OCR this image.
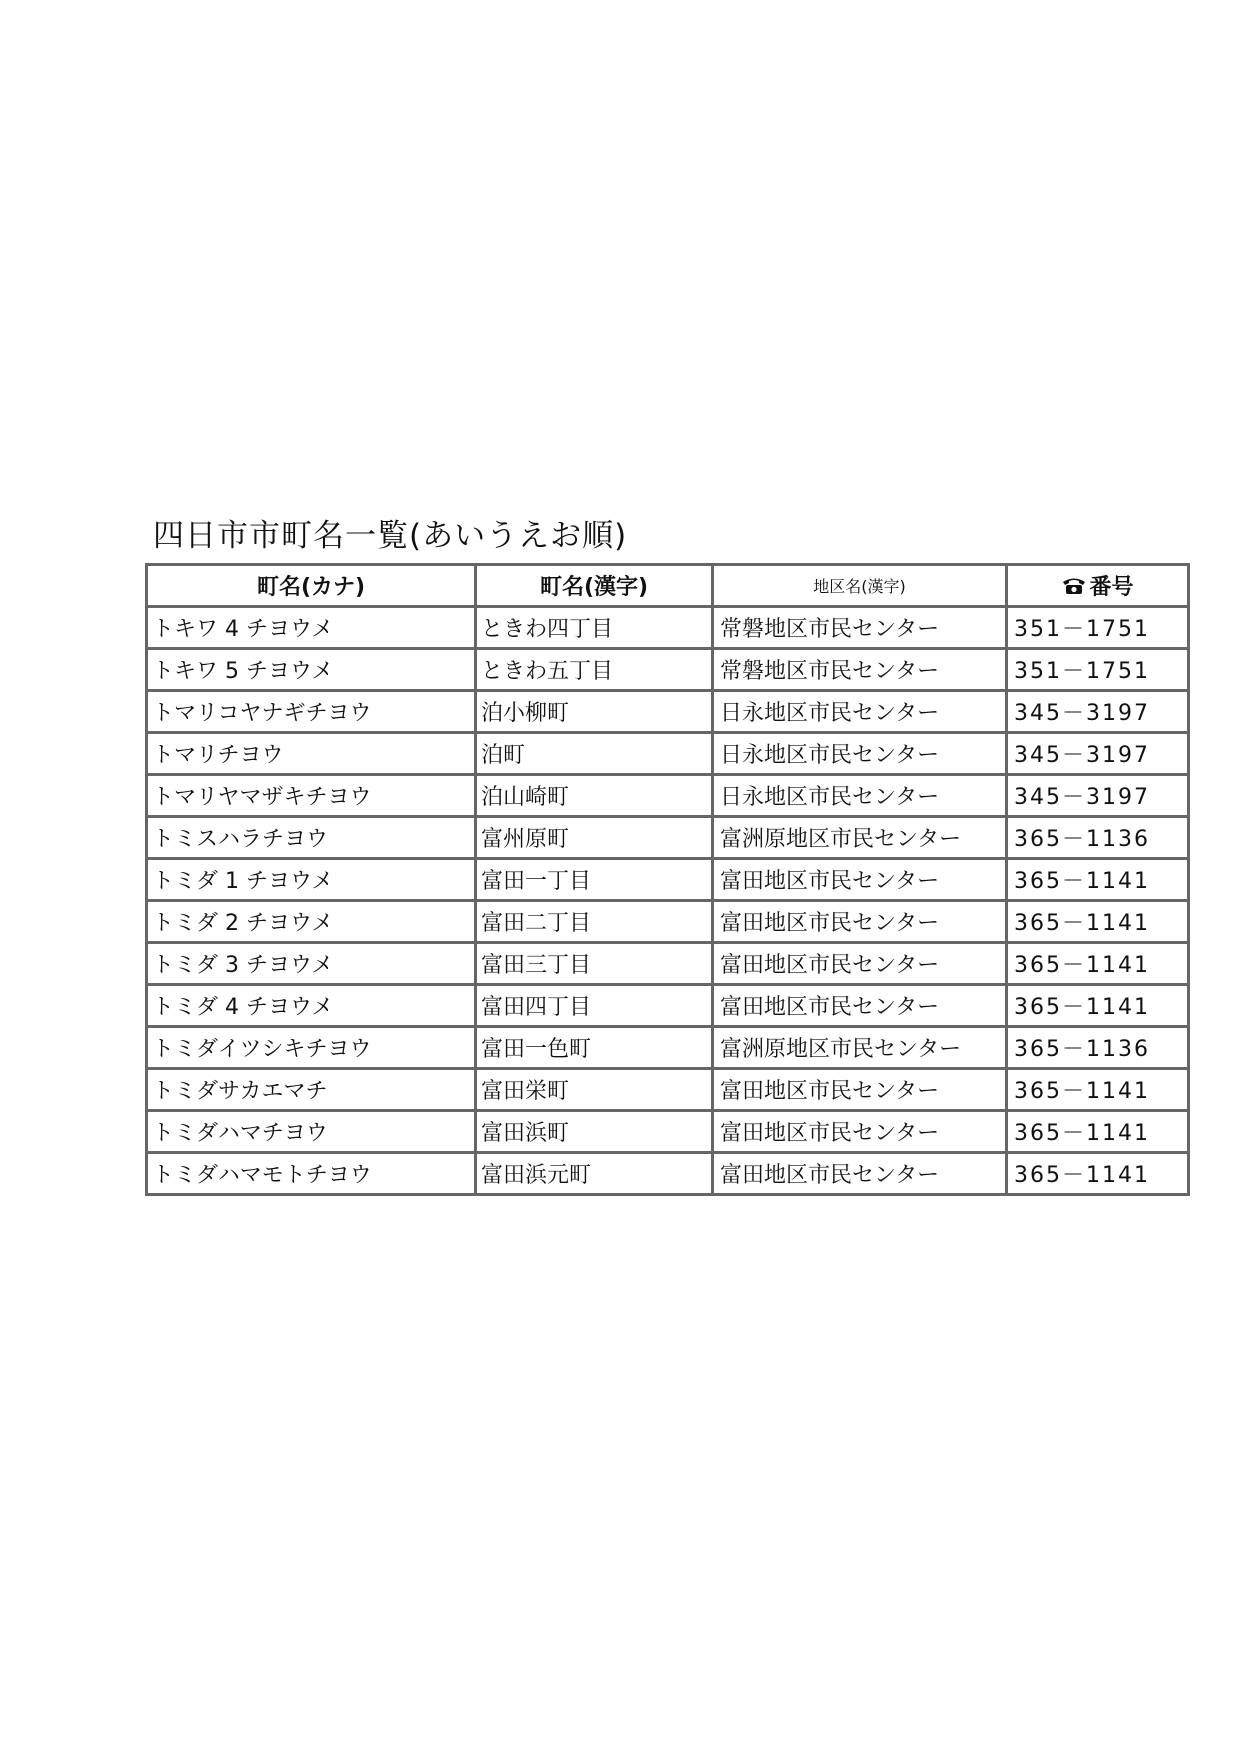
四日市市町名一覧(あいうえお順)
町名(カナ)	町名(漢字)	地区名(漢字)	番号

トキワ 4 チヨウメ	ときわ四丁目	常磐地区市民センター	351－1751
トキワ 5 チヨウメ	ときわ五丁目	常磐地区市民センター	351－1751
トマリコヤナギチヨウ	泊小柳町	日永地区市民センター	345－3197
トマリチヨウ	泊町	日永地区市民センター	345－3197
トマリヤマザキチヨウ	泊山崎町	日永地区市民センター	345－3197
トミスハラチヨウ	富州原町	富洲原地区市民センター	365－1136
トミダ 1 チヨウメ	富田一丁目	富田地区市民センター	365－1141
トミダ 2 チヨウメ	富田二丁目	富田地区市民センター	365－1141
トミダ 3 チヨウメ	富田三丁目	富田地区市民センター	365－1141
トミダ 4 チヨウメ	富田四丁目	富田地区市民センター	365－1141
トミダイツシキチヨウ	富田一色町	富洲原地区市民センター	365－1136
トミダサカエマチ	富田栄町	富田地区市民センター	365－1141
トミダハマチヨウ	富田浜町	富田地区市民センター	365－1141
トミダハマモトチヨウ	富田浜元町	富田地区市民センター	365－1141
